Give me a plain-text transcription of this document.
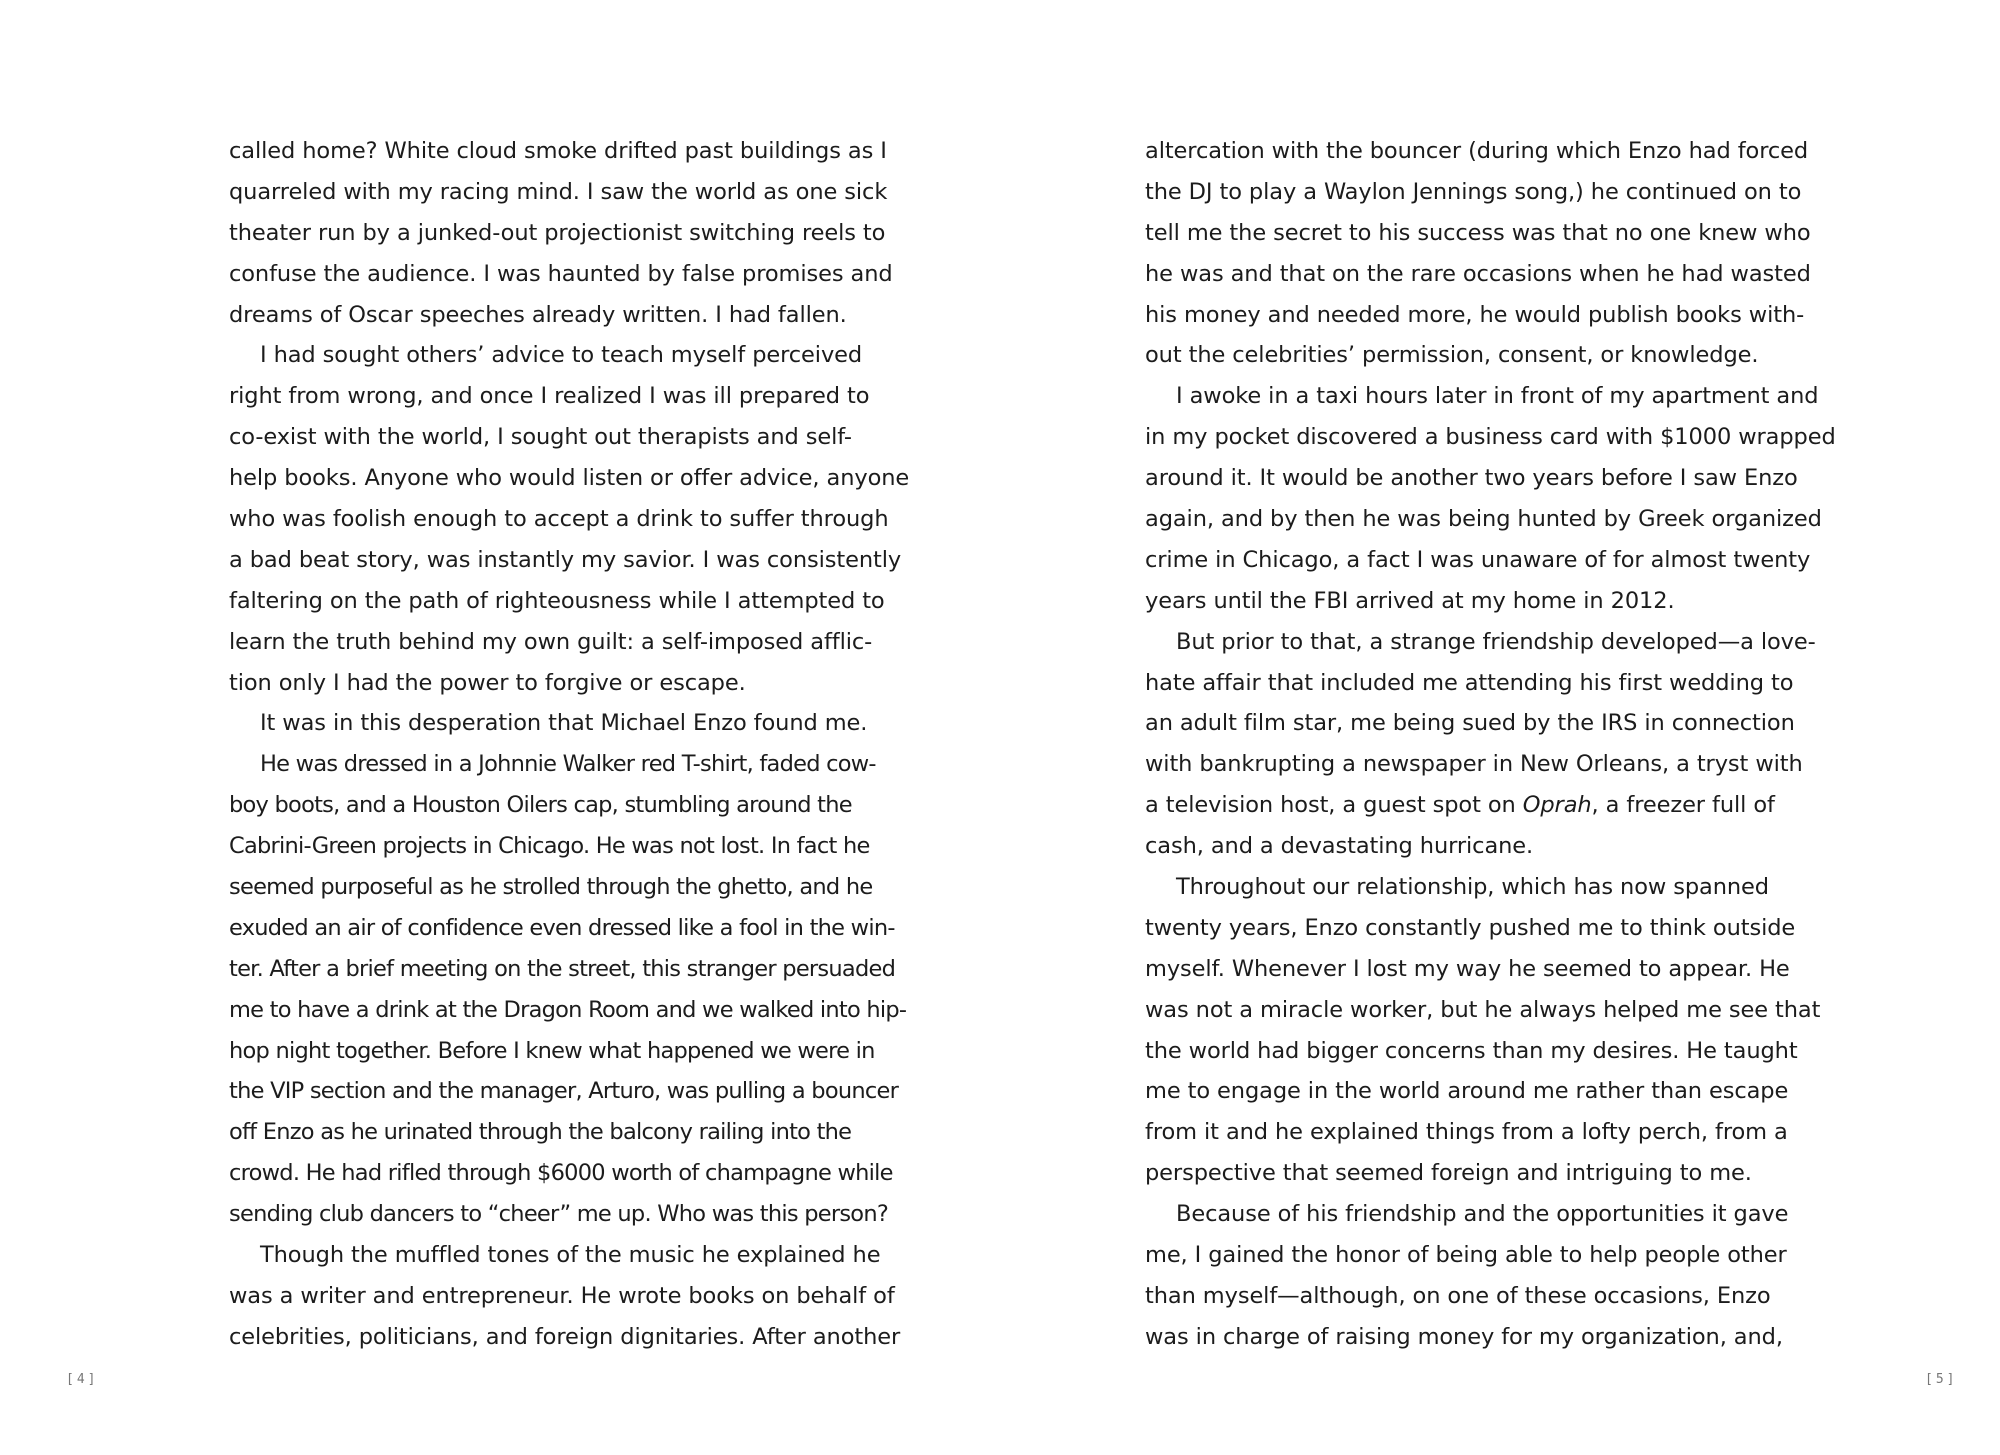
called home? White cloud smoke drifted past buildings as I
quarreled with my racing mind. I saw the world as one sick
theater run by a junked-out projectionist switching reels to
confuse the audience. I was haunted by false promises and
dreams of Oscar speeches already written. I had fallen.
I had sought others’ advice to teach myself perceived
right from wrong, and once I realized I was ill prepared to
co-exist with the world, I sought out therapists and self-
help books. Anyone who would listen or offer advice, anyone
who was foolish enough to accept a drink to suffer through
a bad beat story, was instantly my savior. I was consistently
faltering on the path of righteousness while I attempted to
learn the truth behind my own guilt: a self-imposed afflic-
tion only I had the power to forgive or escape.
It was in this desperation that Michael Enzo found me.
He was dressed in a Johnnie Walker red T-shirt, faded cow-
boy boots, and a Houston Oilers cap, stumbling around the
Cabrini-Green projects in Chicago. He was not lost. In fact he
seemed purposeful as he strolled through the ghetto, and he
exuded an air of confidence even dressed like a fool in the win-
ter. After a brief meeting on the street, this stranger persuaded
me to have a drink at the Dragon Room and we walked into hip-
hop night together. Before I knew what happened we were in
the VIP section and the manager, Arturo, was pulling a bouncer
off Enzo as he urinated through the balcony railing into the
crowd. He had rifled through $6000 worth of champagne while
sending club dancers to “cheer” me up. Who was this person?
Though the muffled tones of the music he explained he
was a writer and entrepreneur. He wrote books on behalf of
celebrities, politicians, and foreign dignitaries. After another
[4]
altercation with the bouncer (during which Enzo had forced
the DJ to play a Waylon Jennings song,) he continued on to
tell me the secret to his success was that no one knew who
he was and that on the rare occasions when he had wasted
his money and needed more, he would publish books with-
out the celebrities’ permission, consent, or knowledge.
I awoke in a taxi hours later in front of my apartment and
in my pocket discovered a business card with $1000 wrapped
around it. It would be another two years before I saw Enzo
again, and by then he was being hunted by Greek organized
crime in Chicago, a fact I was unaware of for almost twenty
years until the FBI arrived at my home in 2012.
But prior to that, a strange friendship developed—a love-
hate affair that included me attending his first wedding to
an adult film star, me being sued by the IRS in connection
with bankrupting a newspaper in New Orleans, a tryst with
a television host, a guest spot on Oprah, a freezer full of
cash, and a devastating hurricane.
Throughout our relationship, which has now spanned
twenty years, Enzo constantly pushed me to think outside
myself. Whenever I lost my way he seemed to appear. He
was not a miracle worker, but he always helped me see that
the world had bigger concerns than my desires. He taught
me to engage in the world around me rather than escape
from it and he explained things from a lofty perch, from a
perspective that seemed foreign and intriguing to me.
Because of his friendship and the opportunities it gave
me, I gained the honor of being able to help people other
than myself—although, on one of these occasions, Enzo
was in charge of raising money for my organization, and,
[5]
